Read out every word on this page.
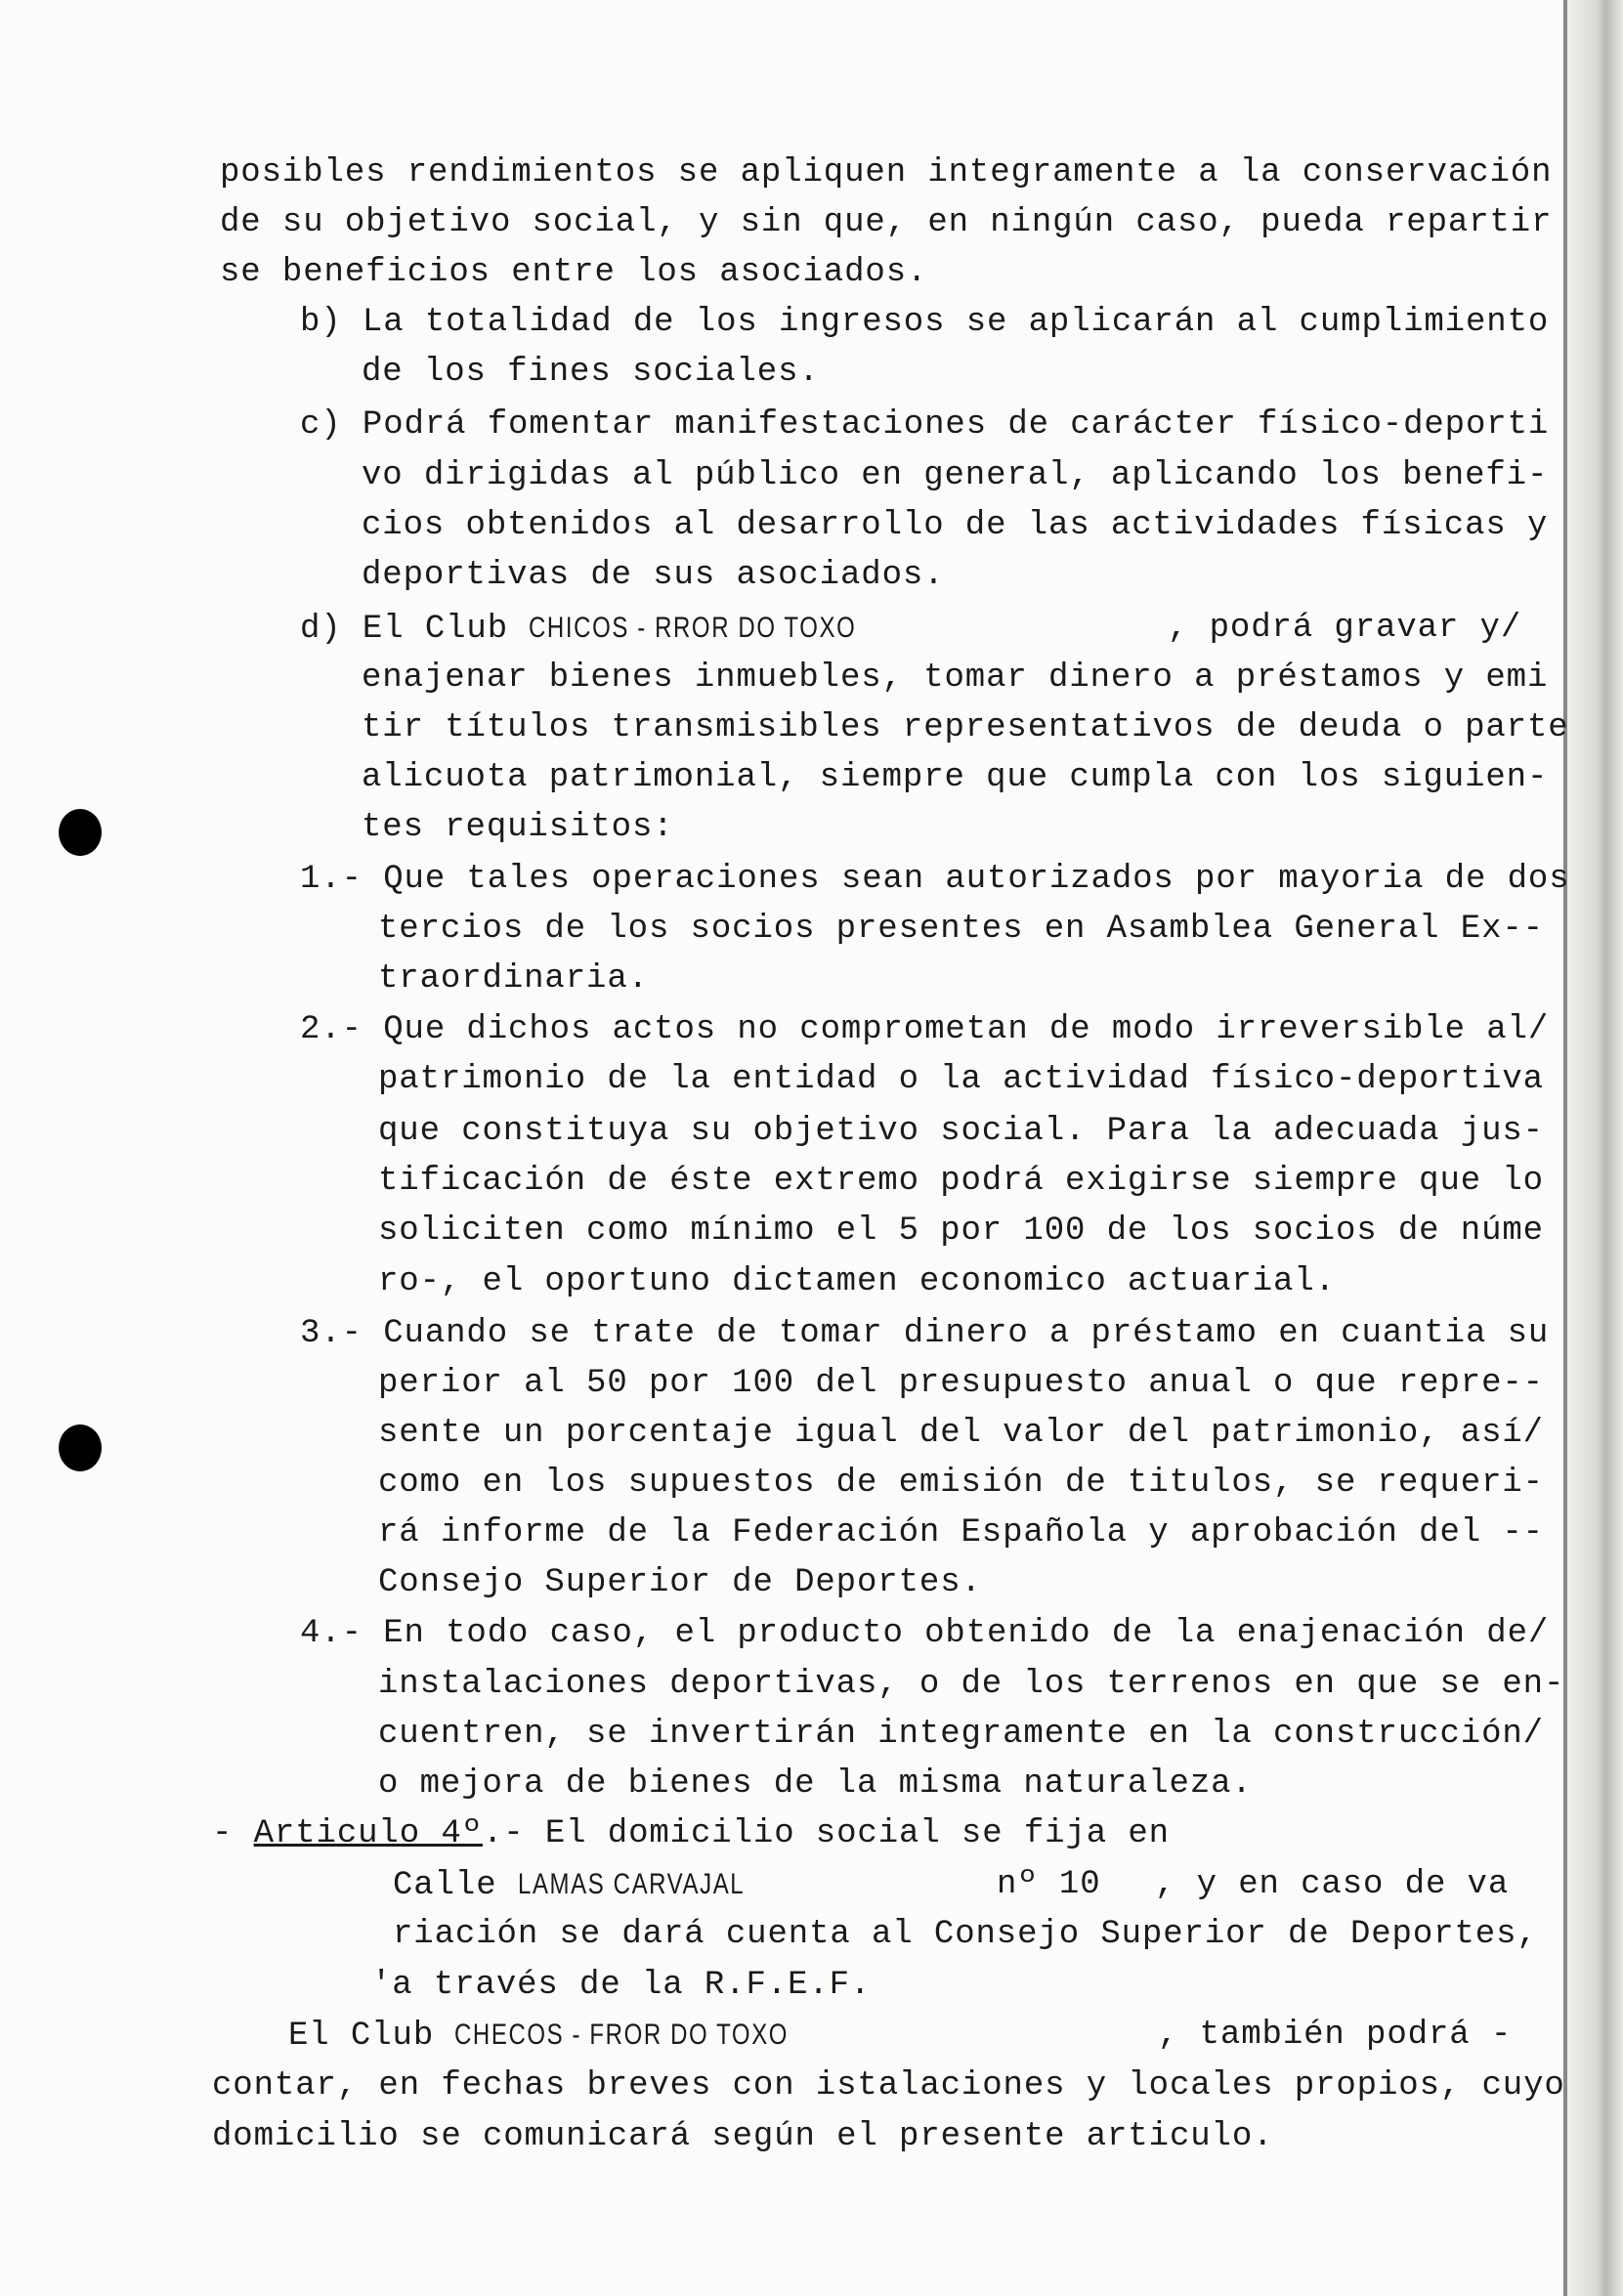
posibles rendimientos se apliquen integramente a la conservación
de su objetivo social, y sin que, en ningún caso, pueda repartir
se beneficios entre los asociados.
b) La totalidad de los ingresos se aplicarán al cumplimiento
de los fines sociales.
c) Podrá fomentar manifestaciones de carácter físico-deporti
vo dirigidas al público en general, aplicando los benefi-
cios obtenidos al desarrollo de las actividades físicas y
deportivas de sus asociados.
d) El Club CHICOS - RROR DO TOXO	, podrá gravar y/
enajenar bienes inmuebles, tomar dinero a préstamos y emi
tir títulos transmisibles representativos de deuda o parte
alicuota patrimonial, siempre que cumpla con los siguien-
tes requisitos:
1.- Que tales operaciones sean autorizados por mayoria de dos
tercios de los socios presentes en Asamblea General Ex--
traordinaria.
2.- Que dichos actos no comprometan de modo irreversible al/
patrimonio de la entidad o la actividad físico-deportiva
que constituya su objetivo social. Para la adecuada jus-
tificación de éste extremo podrá exigirse siempre que lo
soliciten como mínimo el 5 por 100 de los socios de núme
ro-, el oportuno dictamen economico actuarial.
3.- Cuando se trate de tomar dinero a préstamo en cuantia su
perior al 50 por 100 del presupuesto anual o que repre--
sente un porcentaje igual del valor del patrimonio, así/
como en los supuestos de emisión de titulos, se requeri-
rá informe de la Federación Española y aprobación del --
Consejo Superior de Deportes.
4.- En todo caso, el producto obtenido de la enajenación de/
instalaciones deportivas, o de los terrenos en que se en-
cuentren, se invertirán integramente en la construcción/
o mejora de bienes de la misma naturaleza.
- Articulo 4º.- El domicilio social se fija en
Calle LAMAS CARVAJAL	nº 10 , y en caso de va
riación se dará cuenta al Consejo Superior de Deportes,
'a través de la R.F.E.F.
El Club CHECOS - FROR DO TOXO	, también podrá -
contar, en fechas breves con istalaciones y locales propios, cuyo
domicilio se comunicará según el presente articulo.
